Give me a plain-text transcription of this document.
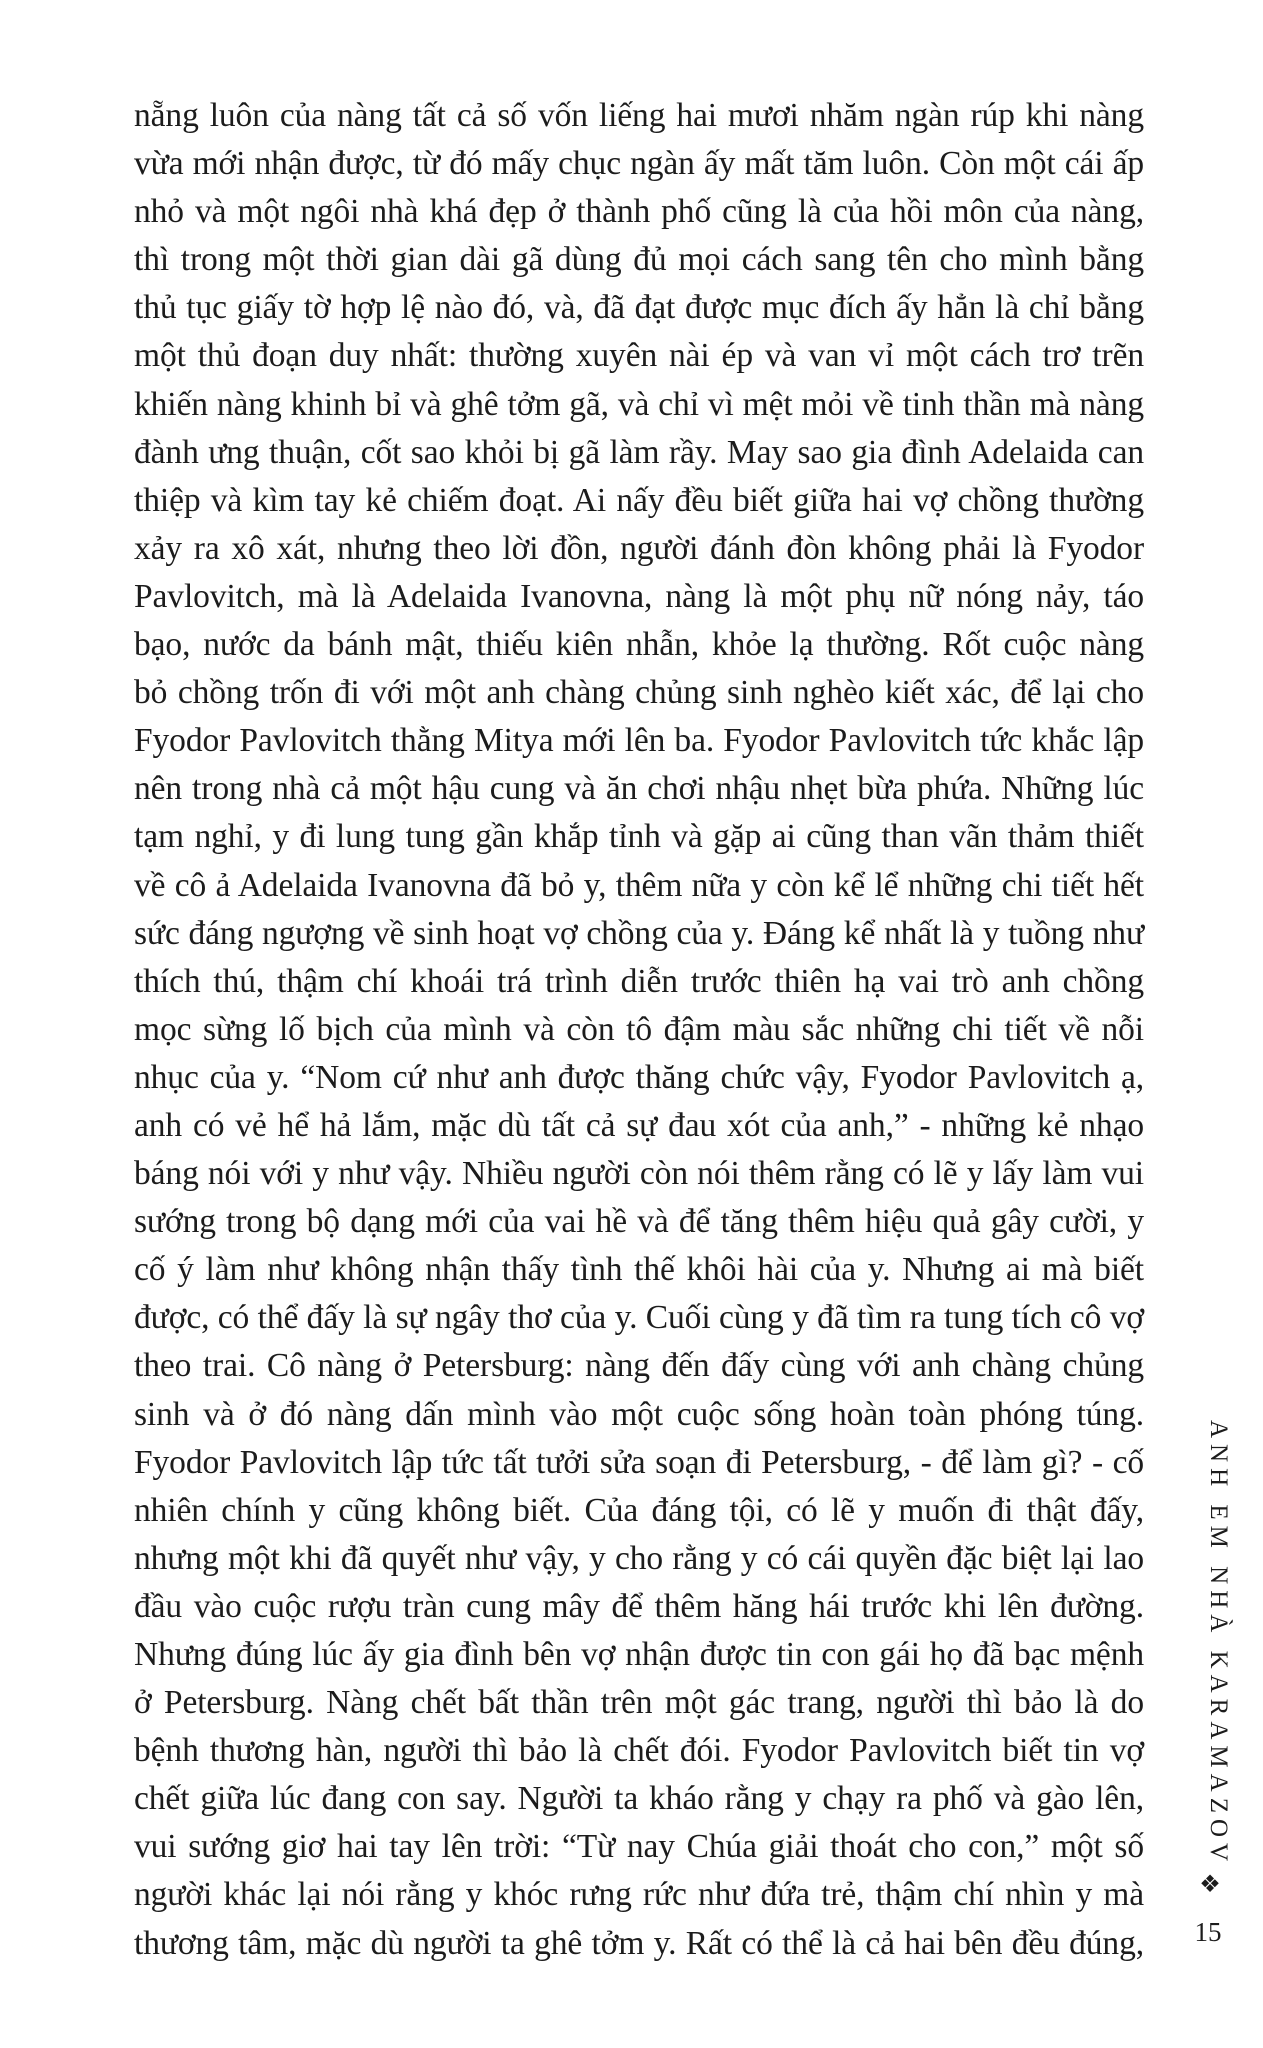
nẵng luôn của nàng tất cả số vốn liếng hai mươi nhăm ngàn rúp khi nàng
vừa mới nhận được, từ đó mấy chục ngàn ấy mất tăm luôn. Còn một cái ấp
nhỏ và một ngôi nhà khá đẹp ở thành phố cũng là của hồi môn của nàng,
thì trong một thời gian dài gã dùng đủ mọi cách sang tên cho mình bằng
thủ tục giấy tờ hợp lệ nào đó, và, đã đạt được mục đích ấy hẳn là chỉ bằng
một thủ đoạn duy nhất: thường xuyên nài ép và van vỉ một cách trơ trẽn
khiến nàng khinh bỉ và ghê tởm gã, và chỉ vì mệt mỏi về tinh thần mà nàng
đành ưng thuận, cốt sao khỏi bị gã làm rầy. May sao gia đình Adelaida can
thiệp và kìm tay kẻ chiếm đoạt. Ai nấy đều biết giữa hai vợ chồng thường
xảy ra xô xát, nhưng theo lời đồn, người đánh đòn không phải là Fyodor
Pavlovitch, mà là Adelaida Ivanovna, nàng là một phụ nữ nóng nảy, táo
bạo, nước da bánh mật, thiếu kiên nhẫn, khỏe lạ thường. Rốt cuộc nàng
bỏ chồng trốn đi với một anh chàng chủng sinh nghèo kiết xác, để lại cho
Fyodor Pavlovitch thằng Mitya mới lên ba. Fyodor Pavlovitch tức khắc lập
nên trong nhà cả một hậu cung và ăn chơi nhậu nhẹt bừa phứa. Những lúc
tạm nghỉ, y đi lung tung gần khắp tỉnh và gặp ai cũng than vãn thảm thiết
về cô ả Adelaida Ivanovna đã bỏ y, thêm nữa y còn kể lể những chi tiết hết
sức đáng ngượng về sinh hoạt vợ chồng của y. Đáng kể nhất là y tuồng như
thích thú, thậm chí khoái trá trình diễn trước thiên hạ vai trò anh chồng
mọc sừng lố bịch của mình và còn tô đậm màu sắc những chi tiết về nỗi
nhục của y. “Nom cứ như anh được thăng chức vậy, Fyodor Pavlovitch ạ,
anh có vẻ hể hả lắm, mặc dù tất cả sự đau xót của anh,” - những kẻ nhạo
báng nói với y như vậy. Nhiều người còn nói thêm rằng có lẽ y lấy làm vui
sướng trong bộ dạng mới của vai hề và để tăng thêm hiệu quả gây cười, y
cố ý làm như không nhận thấy tình thế khôi hài của y. Nhưng ai mà biết
được, có thể đấy là sự ngây thơ của y. Cuối cùng y đã tìm ra tung tích cô vợ
theo trai. Cô nàng ở Petersburg: nàng đến đấy cùng với anh chàng chủng
sinh và ở đó nàng dấn mình vào một cuộc sống hoàn toàn phóng túng.
Fyodor Pavlovitch lập tức tất tưởi sửa soạn đi Petersburg, - để làm gì? - cố
nhiên chính y cũng không biết. Của đáng tội, có lẽ y muốn đi thật đấy,
nhưng một khi đã quyết như vậy, y cho rằng y có cái quyền đặc biệt lại lao
đầu vào cuộc rượu tràn cung mây để thêm hăng hái trước khi lên đường.
Nhưng đúng lúc ấy gia đình bên vợ nhận được tin con gái họ đã bạc mệnh
ở Petersburg. Nàng chết bất thần trên một gác trang, người thì bảo là do
bệnh thương hàn, người thì bảo là chết đói. Fyodor Pavlovitch biết tin vợ
chết giữa lúc đang con say. Người ta kháo rằng y chạy ra phố và gào lên,
vui sướng giơ hai tay lên trời: “Từ nay Chúa giải thoát cho con,” một số
người khác lại nói rằng y khóc rưng rức như đứa trẻ, thậm chí nhìn y mà
thương tâm, mặc dù người ta ghê tởm y. Rất có thể là cả hai bên đều đúng,
ANH EM NHÀ KARAMAZOV
❖
15
